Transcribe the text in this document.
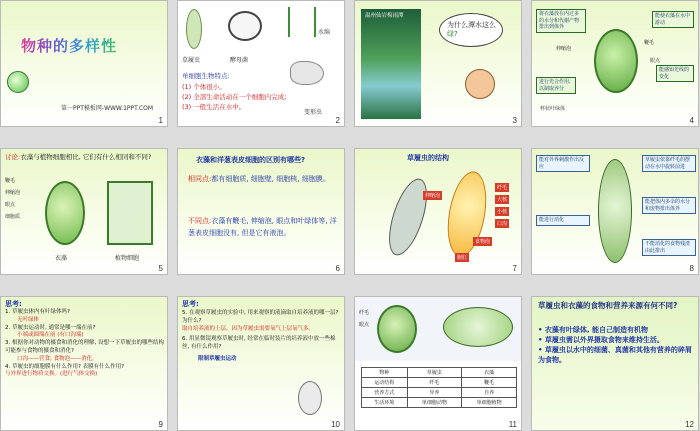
物种的多样性
第一PPT模板网-WWW.1PPT.COM
1
草履虫	酵母菌
水绵
变形虫
单细胞生物特点:
(1) 个体很小。
(2) 全部生命活动在一个细胞内完成;
(3) 一般生活在水中。
2
温州仙岩梅雨潭
为什么潭水这么绿?
3
将衣藻放在内过多的水分和代谢产物排出到体外
能使衣藻在水中游动
进行光合作用, 以制取养分
能感知光线的变化
伸缩泡
鞭毛
眼点
杯状叶绿体
4
讨论:衣藻与植物细胞相比, 它们有什么相同和不同?
鞭毛
伸缩泡
眼点
细胞质
衣藻	植物细胞
5
衣藻和洋葱表皮细胞的区别有哪些?
相同点:都有细胞质, 细胞壁, 细胞核, 细胞膜。
不同点:衣藻有鞭毛, 伸缩泡, 眼点和叶绿体等, 洋葱表皮细胞没有, 但是它有液泡。
6
草履虫的结构
伸缩泡
纤毛
大核
小核
口沟
食物泡
胞肛
7
能对外界刺激作出反应
草履虫依靠纤毛的摆动在水中旋转前进
能把体内多余的水分和废物排出体外
能进行消化
不能消化的食物残渣由此排出
8
思考:
1. 草履虫体内有叶绿体吗?
无叶绿体
2. 草履虫运动时, 通常是哪一端在前?
小端或圆端在前 (有口沟端)
3. 根据你对动物的摄食和消化的理解, 设想一下草履虫的哪些结构可能参与食物的摄食和消化?
口沟——营食; 食物泡——消化。
4. 草履虫的细胞膜有什么作用? 表膜有什么作用?
与外界进行物质交换。(进行气体交换)
9
思考:
5. 在观察草履虫的实验中, 用来观察的液滴取自培养液的哪一层? 为什么?
取自培养液的上层。因为草履虫需要氧气上层氧气多。
6. 用显微镜观察草履虫时, 经常在临时装片的培养液中放一些棉丝, 有什么作用?
限制草履虫运动
10
纤毛
眼点
物种	草履虫	衣藻
运动结构	纤毛	鞭毛
营养方式	异养	自养
生活环境	单细胞动物	单细胞植物
11
草履虫和衣藻的食物和营养来源有何不同?
• 衣藻有叶绿体, 能自己制造有机物
• 草履虫需以外界摄取食物来维持生活。
• 草履虫以水中的细菌、真菌和其他有营养的碎屑为食物。
12
